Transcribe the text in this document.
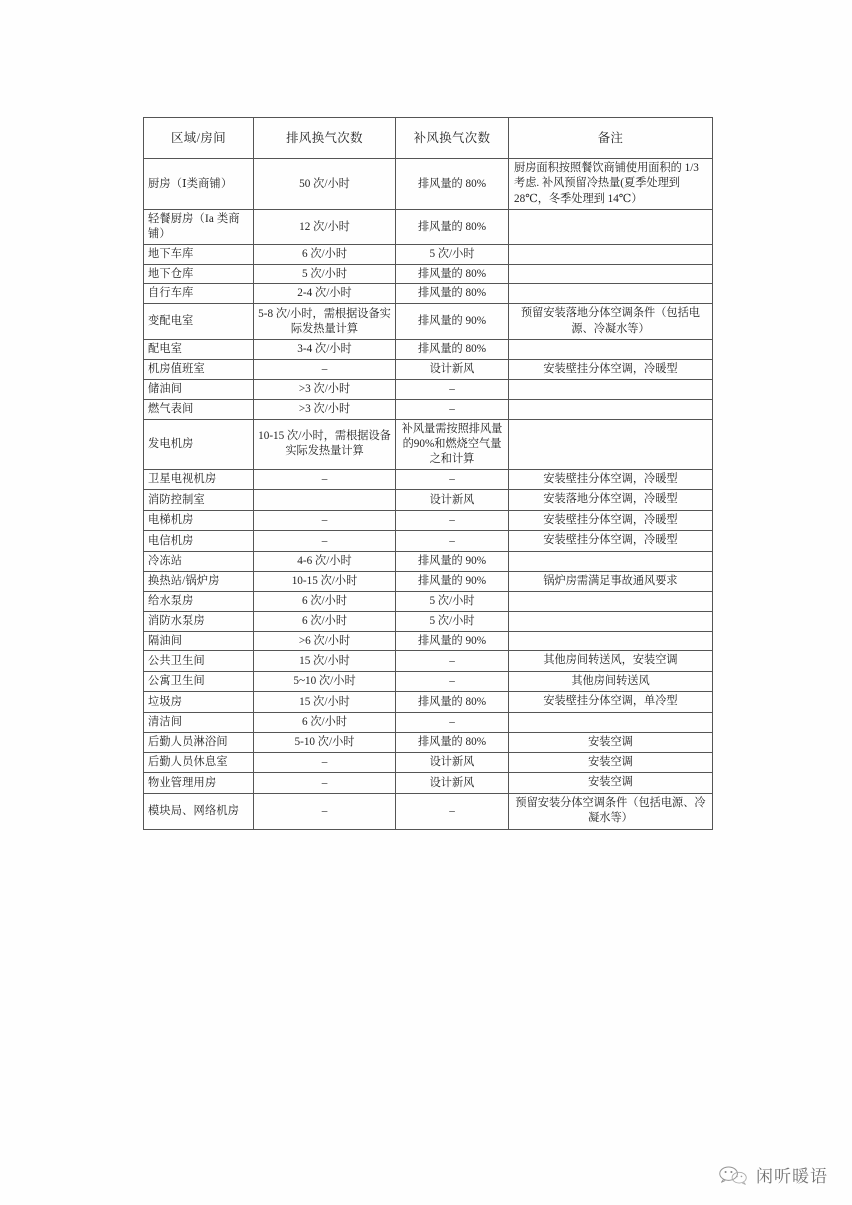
区域/房间	排风换气次数	补风换气次数	备注
厨房（Ⅰ类商铺）	50 次/小时	排风量的 80%	厨房面积按照餐饮商铺使用面积的 1/3 考虑. 补风预留冷热量(夏季处理到 28℃，冬季处理到 14℃）
轻餐厨房（Ia 类商铺）	12 次/小时	排风量的 80%	
地下车库	6 次/小时	5 次/小时	
地下仓库	5 次/小时	排风量的 80%	
自行车库	2-4 次/小时	排风量的 80%	
变配电室	5-8 次/小时，需根据设备实际发热量计算	排风量的 90%	预留安装落地分体空调条件（包括电源、冷凝水等）
配电室	3-4 次/小时	排风量的 80%	
机房值班室	–	设计新风	安装壁挂分体空调，冷暖型
储油间	>3 次/小时	–	
燃气表间	>3 次/小时	–	
发电机房	10-15 次/小时，需根据设备实际发热量计算	补风量需按照排风量的90%和燃烧空气量之和计算	
卫星电视机房	–	–	安装壁挂分体空调，冷暖型
消防控制室		设计新风	安装落地分体空调，冷暖型
电梯机房	–	–	安装壁挂分体空调，冷暖型
电信机房	–	–	安装壁挂分体空调，冷暖型
冷冻站	4-6 次/小时	排风量的 90%	
换热站/锅炉房	10-15 次/小时	排风量的 90%	锅炉房需满足事故通风要求
给水泵房	6 次/小时	5 次/小时	
消防水泵房	6 次/小时	5 次/小时	
隔油间	>6 次/小时	排风量的 90%	
公共卫生间	15 次/小时	–	其他房间转送风，安装空调
公寓卫生间	5~10 次/小时	–	其他房间转送风
垃圾房	15 次/小时	排风量的 80%	安装壁挂分体空调，单冷型
清洁间	6 次/小时	–	
后勤人员淋浴间	5-10 次/小时	排风量的 80%	安装空调
后勤人员休息室	–	设计新风	安装空调
物业管理用房	–	设计新风	安装空调
模块局、网络机房	–	–	预留安装分体空调条件（包括电源、冷凝水等）
闲听暖语
